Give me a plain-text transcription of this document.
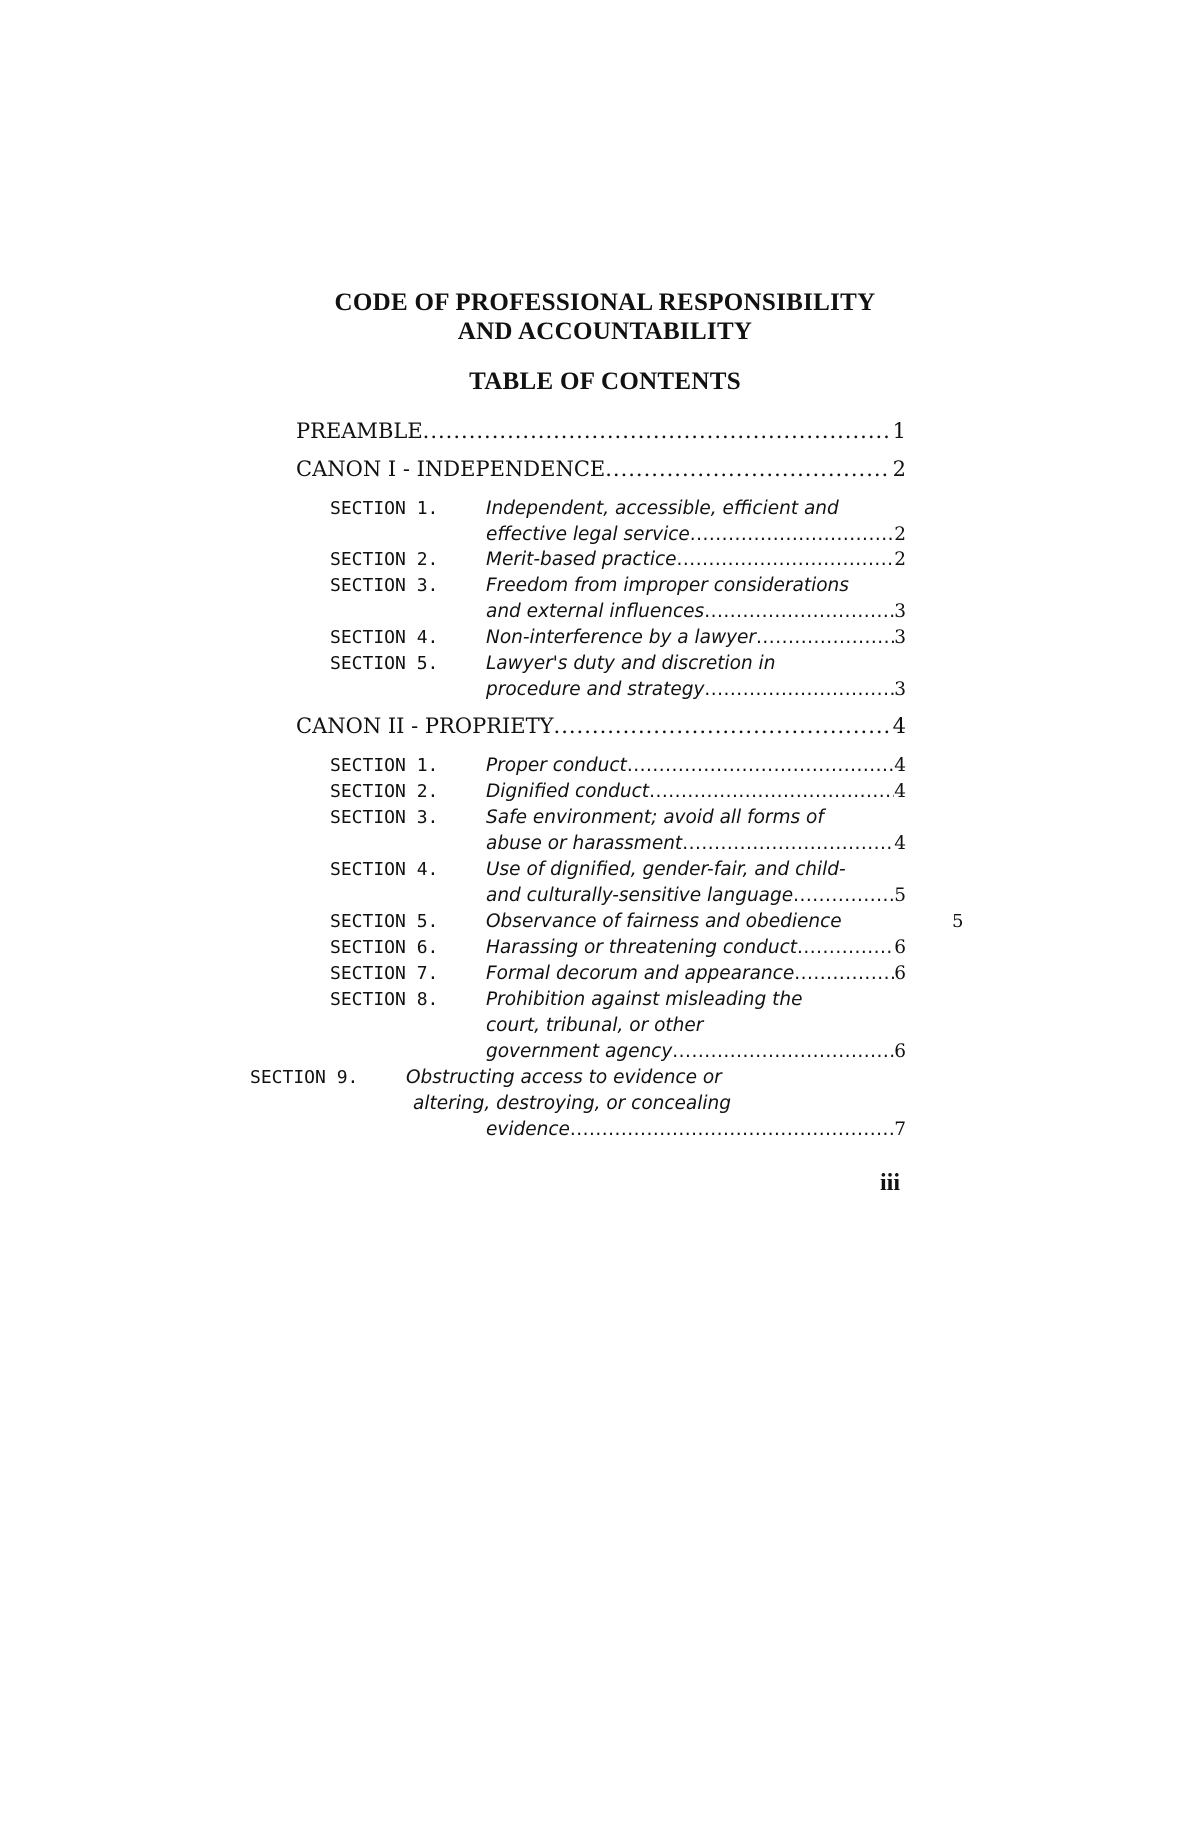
CODE OF PROFESSIONAL RESPONSIBILITY
AND ACCOUNTABILITY
TABLE OF CONTENTS
PREAMBLE .....	1
CANON I - INDEPENDENCE .....	2
SECTION 1.	Independent, accessible, efficient and
effective legal service .....	2
SECTION 2.	Merit-based practice .....	2
SECTION 3.	Freedom from improper considerations
and external influences .....	3
SECTION 4.	Non-interference by a lawyer .....	3
SECTION 5.	Lawyer's duty and discretion in
procedure and strategy .....	3
CANON II - PROPRIETY .....	4
SECTION 1.	Proper conduct .....	4
SECTION 2.	Dignified conduct .....	4
SECTION 3.	Safe environment; avoid all forms of
abuse or harassment .....	4
SECTION 4.	Use of dignified, gender-fair, and child-
and culturally-sensitive language .....	5
SECTION 5.	Observance of fairness and obedience	5
SECTION 6.	Harassing or threatening conduct .....	6
SECTION 7.	Formal decorum and appearance .....	6
SECTION 8.	Prohibition against misleading the
court, tribunal, or other
government agency .....	6
SECTION 9.	Obstructing access to evidence or
altering, destroying, or concealing
evidence .....	7
iii
